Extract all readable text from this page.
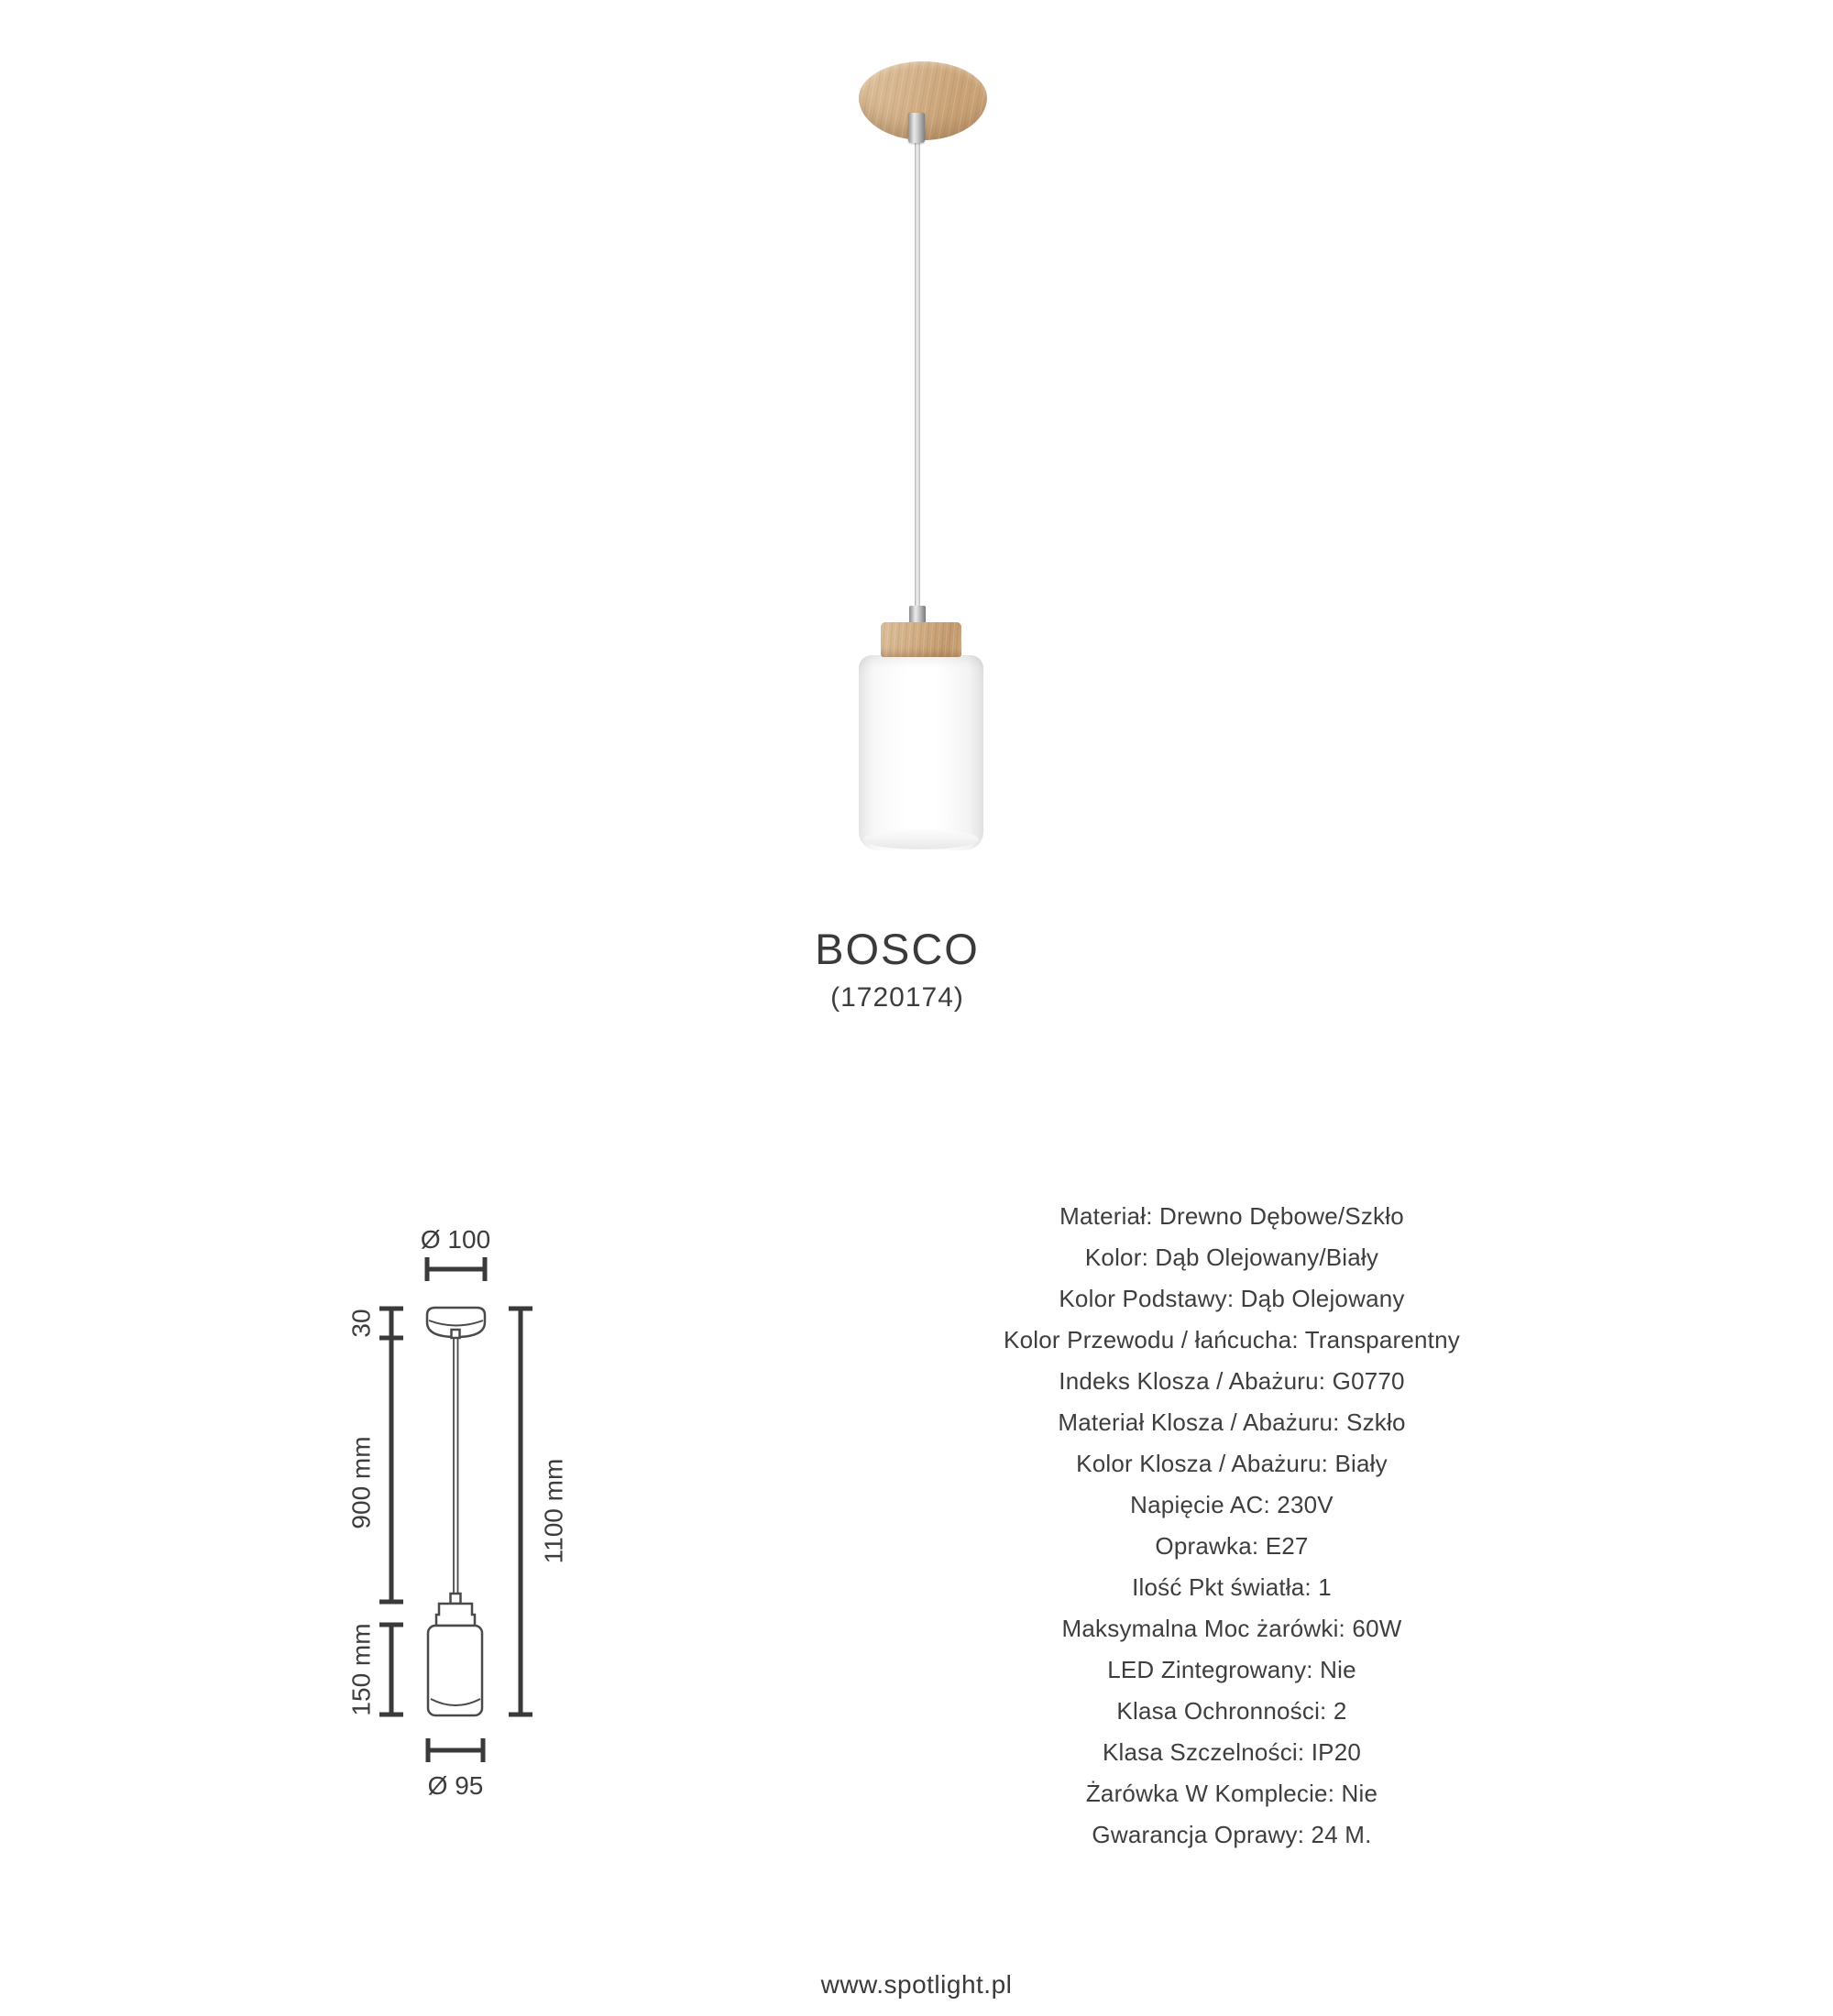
BOSCO
(1720174)
Ø 100
30
900 mm
150 mm
1100 mm
Ø 95
Materiał: Drewno Dębowe/Szkło
Kolor: Dąb Olejowany/Biały
Kolor Podstawy: Dąb Olejowany
Kolor Przewodu / łańcucha: Transparentny
Indeks Klosza / Abażuru: G0770
Materiał Klosza / Abażuru: Szkło
Kolor Klosza / Abażuru: Biały
Napięcie AC: 230V
Oprawka: E27
Ilość Pkt światła: 1
Maksymalna Moc żarówki: 60W
LED Zintegrowany: Nie
Klasa Ochronności: 2
Klasa Szczelności: IP20
Żarówka W Komplecie: Nie
Gwarancja Oprawy: 24 M.
www.spotlight.pl
